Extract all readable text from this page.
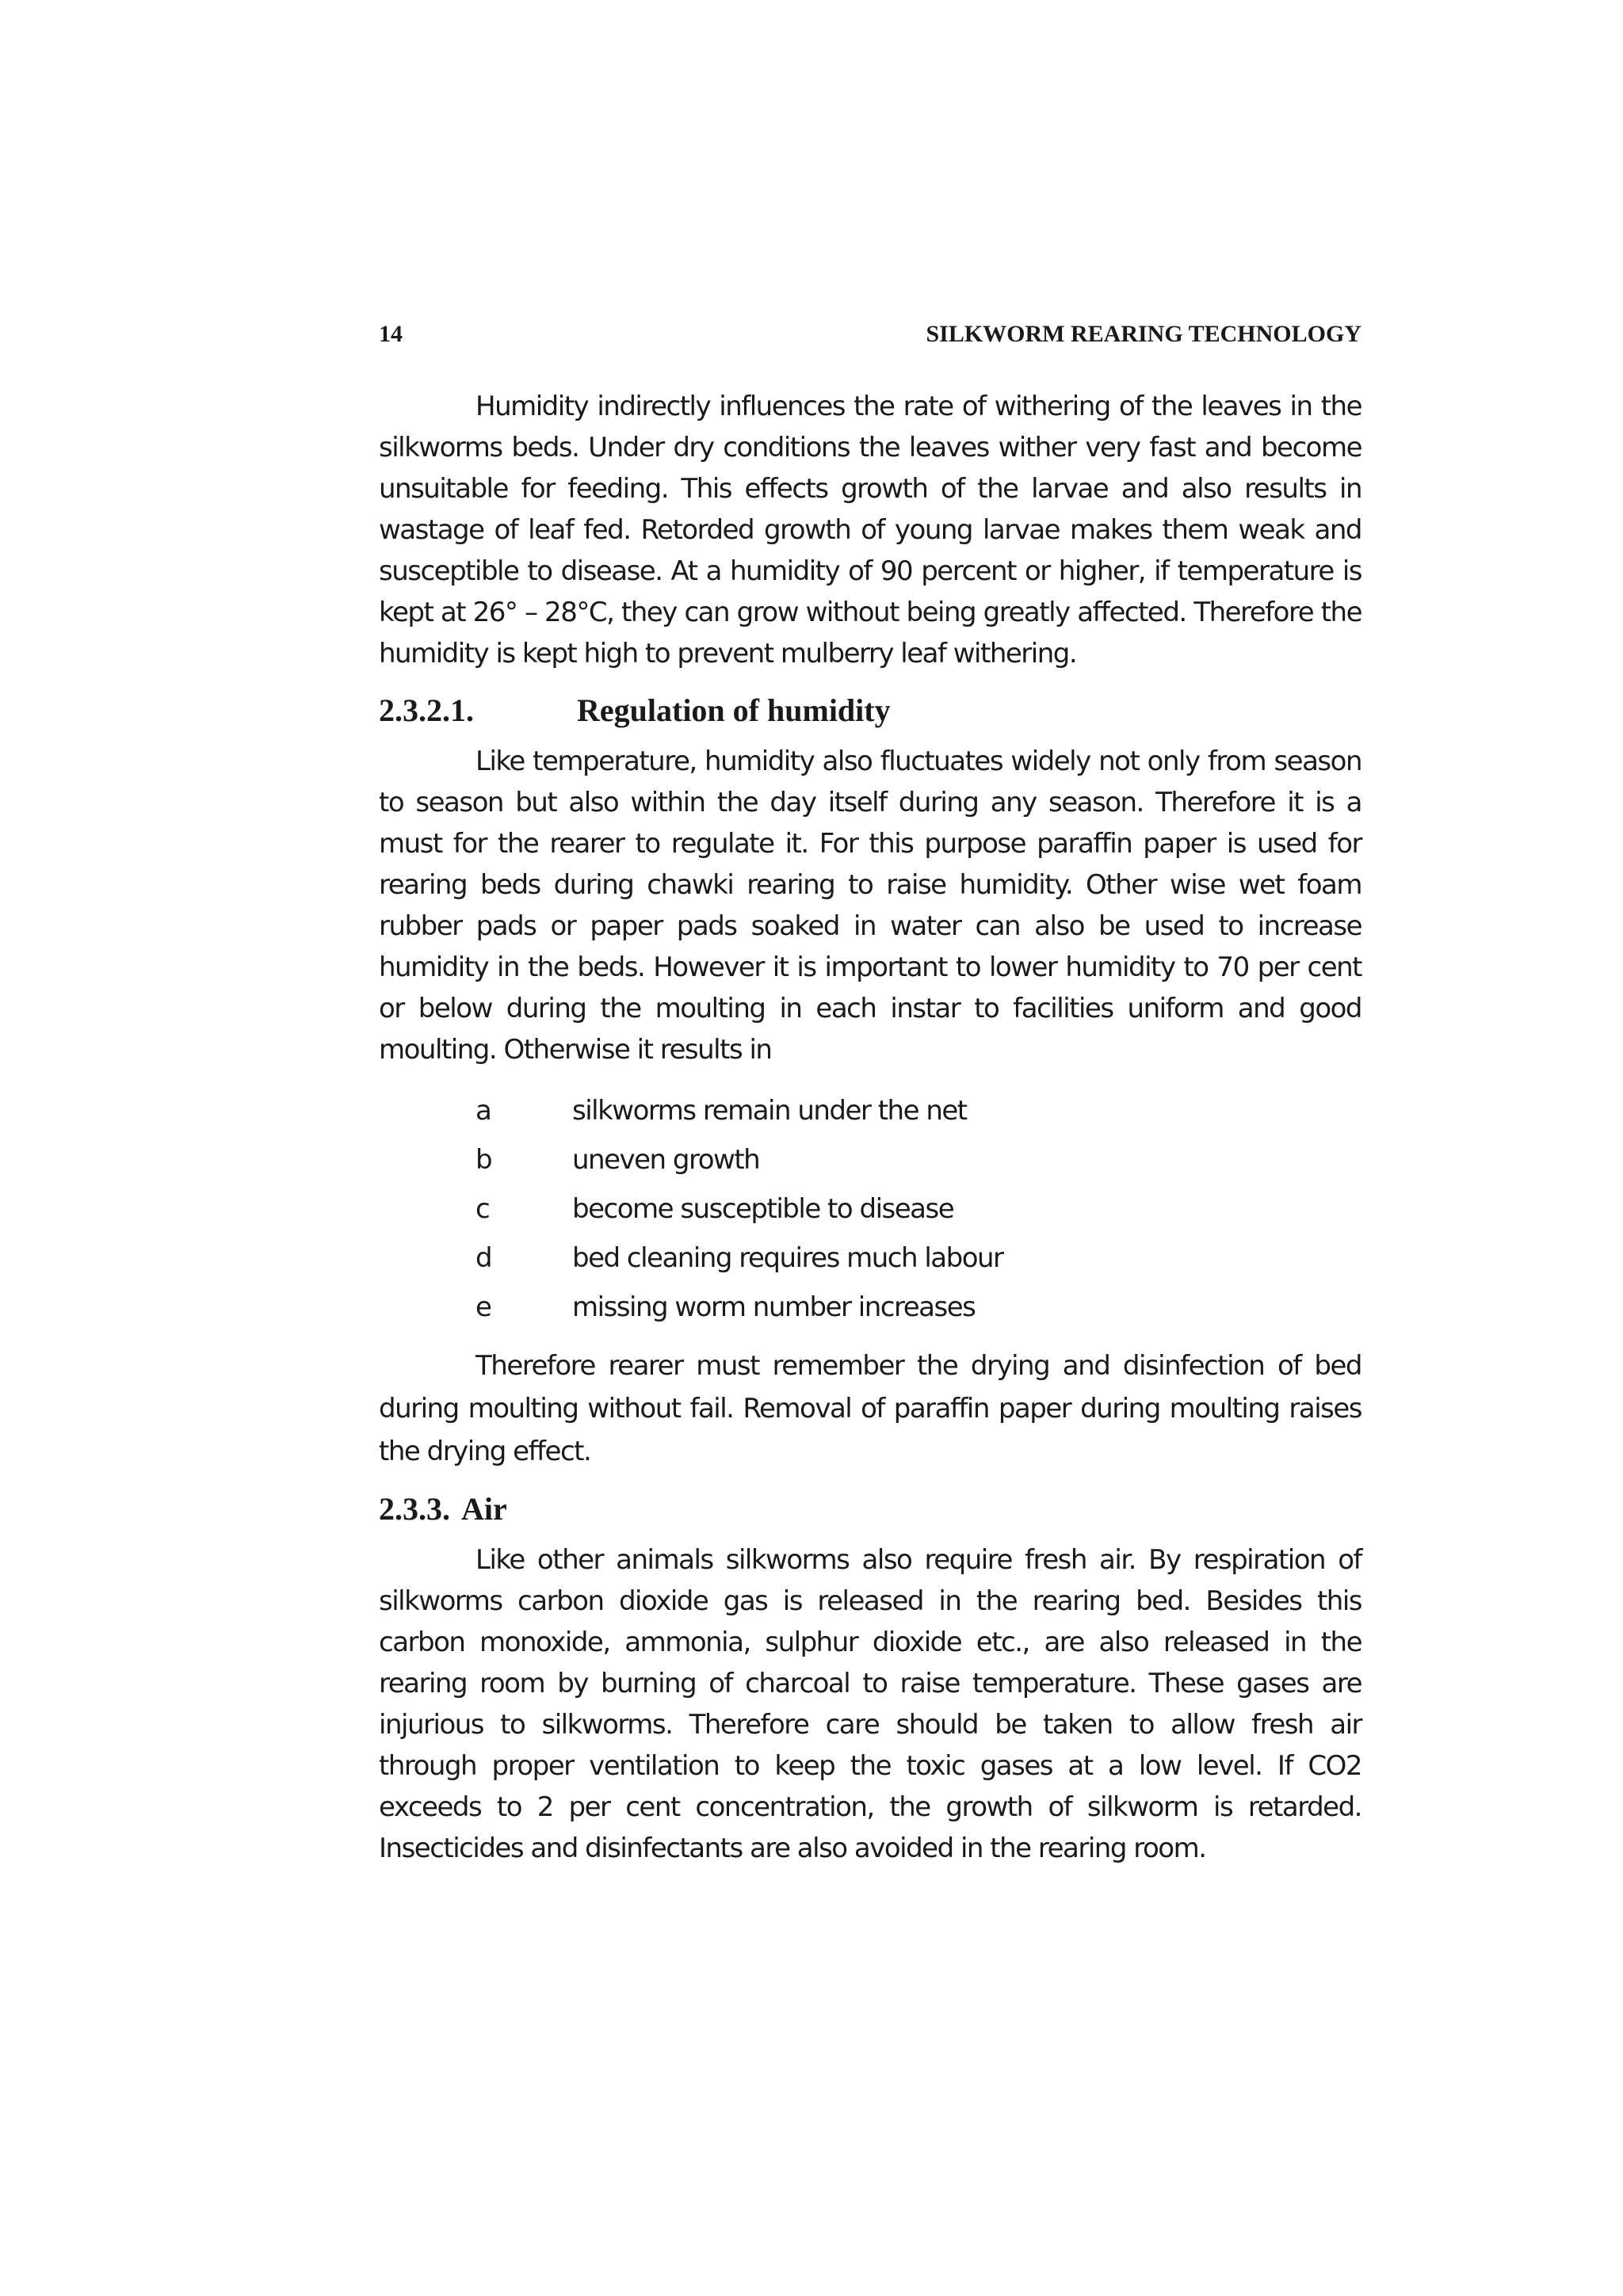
14	SILKWORM REARING TECHNOLOGY

Humidity indirectly influences the rate of withering of the leaves in the silkworms beds. Under dry conditions the leaves wither very fast and become unsuitable for feeding. This effects growth of the larvae and also results in wastage of leaf fed. Retorded growth of young larvae makes them weak and susceptible to disease. At a humidity of 90 percent or higher, if temperature is kept at 26° – 28°C, they can grow without being greatly affected. Therefore the humidity is kept high to prevent mulberry leaf withering.

2.3.2.1.	Regulation of humidity

Like temperature, humidity also fluctuates widely not only from season to season but also within the day itself during any season. Therefore it is a must for the rearer to regulate it. For this purpose paraffin paper is used for rearing beds during chawki rearing to raise humidity. Other wise wet foam rubber pads or paper pads soaked in water can also be used to increase humidity in the beds. However it is important to lower humidity to 70 per cent or below during the moulting in each instar to facilities uniform and good moulting. Otherwise it results in

a	silkworms remain under the net
b	uneven growth
c	become susceptible to disease
d	bed cleaning requires much labour
e	missing worm number increases

Therefore rearer must remember the drying and disinfection of bed during moulting without fail. Removal of paraffin paper during moulting raises the drying effect.

2.3.3. Air

Like other animals silkworms also require fresh air. By respiration of silkworms carbon dioxide gas is released in the rearing bed. Besides this carbon monoxide, ammonia, sulphur dioxide etc., are also released in the rearing room by burning of charcoal to raise temperature. These gases are injurious to silkworms. Therefore care should be taken to allow fresh air through proper ventilation to keep the toxic gases at a low level. If CO2 exceeds to 2 per cent concentration, the growth of silkworm is retarded. Insecticides and disinfectants are also avoided in the rearing room.
